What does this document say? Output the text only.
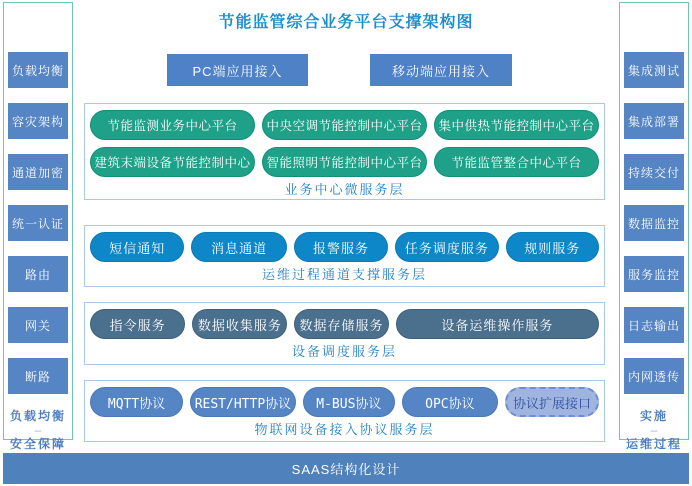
节能监管综合业务平台支撑架构图
负载均衡
容灾架构
通道加密
统一认证
路由
网关
断路
负载均衡
–
安全保障
集成测试
集成部署
持续交付
数据监控
服务监控
日志输出
内网透传
实施
–
运维过程
PC端应用接入	移动端应用接入
节能监测业务中心平台	中央空调节能控制中心平台	集中供热节能控制中心平台
建筑末端设备节能控制中心	智能照明节能控制中心平台	节能监管整合中心平台
业务中心微服务层
短信通知	消息通道	报警服务	任务调度服务	规则服务
运维过程通道支撑服务层
指令服务	数据收集服务	数据存储服务	设备运维操作服务
设备调度服务层
MQTT协议	REST/HTTP协议	M-BUS协议	OPC协议	协议扩展接口
物联网设备接入协议服务层
SAAS结构化设计
